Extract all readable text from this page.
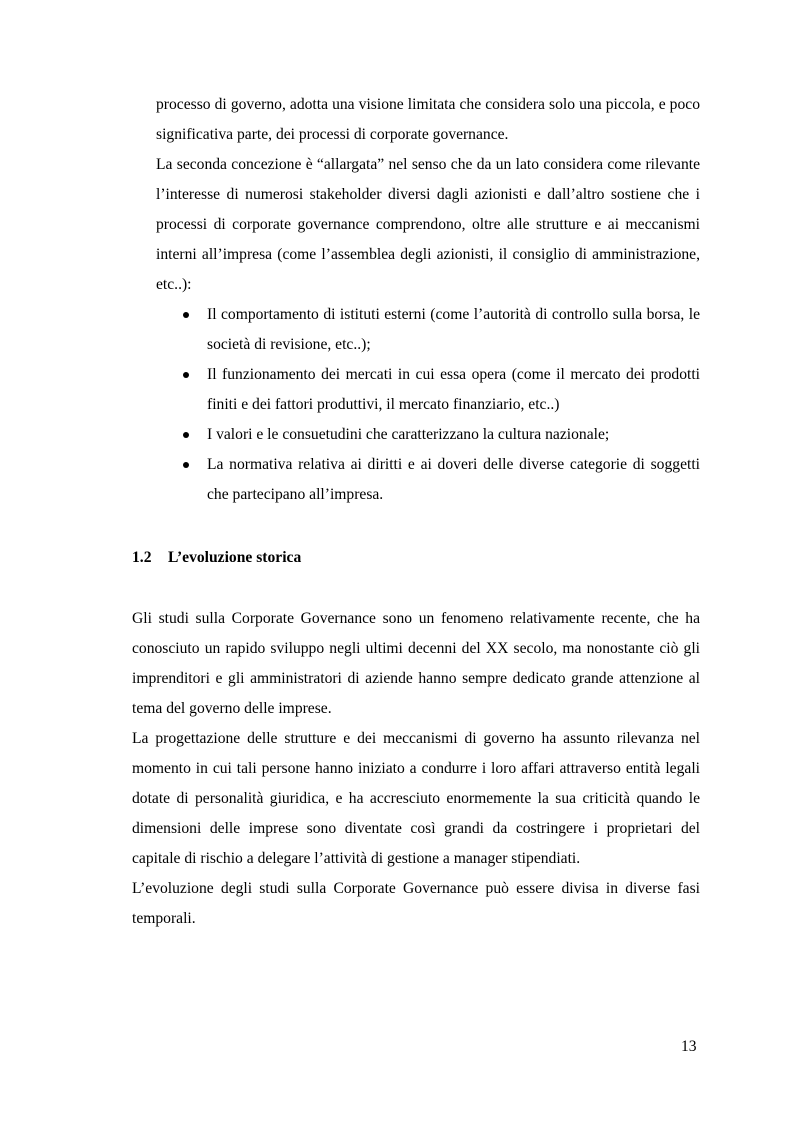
processo di governo, adotta una visione limitata che considera solo una piccola, e poco significativa parte, dei processi di corporate governance.

La seconda concezione è “allargata” nel senso che da un lato considera come rilevante l’interesse di numerosi stakeholder diversi dagli azionisti e dall’altro sostiene che i processi di corporate governance comprendono, oltre alle strutture e ai meccanismi interni all’impresa (come l’assemblea degli azionisti, il consiglio di amministrazione, etc..):

Il comportamento di istituti esterni (come l’autorità di controllo sulla borsa, le società di revisione, etc..);
Il funzionamento dei mercati in cui essa opera (come il mercato dei prodotti finiti e dei fattori produttivi, il mercato finanziario, etc..)
I valori e le consuetudini che caratterizzano la cultura nazionale;
La normativa relativa ai diritti e ai doveri delle diverse categorie di soggetti che partecipano all’impresa.
1.2 L’evoluzione storica

Gli studi sulla Corporate Governance sono un fenomeno relativamente recente, che ha conosciuto un rapido sviluppo negli ultimi decenni del XX secolo, ma nonostante ciò gli imprenditori e gli amministratori di aziende hanno sempre dedicato grande attenzione al tema del governo delle imprese.

La progettazione delle strutture e dei meccanismi di governo ha assunto rilevanza nel momento in cui tali persone hanno iniziato a condurre i loro affari attraverso entità legali dotate di personalità giuridica, e ha accresciuto enormemente la sua criticità quando le dimensioni delle imprese sono diventate così grandi da costringere i proprietari del capitale di rischio a delegare l’attività di gestione a manager stipendiati.

L’evoluzione degli studi sulla Corporate Governance può essere divisa in diverse fasi temporali.

13
